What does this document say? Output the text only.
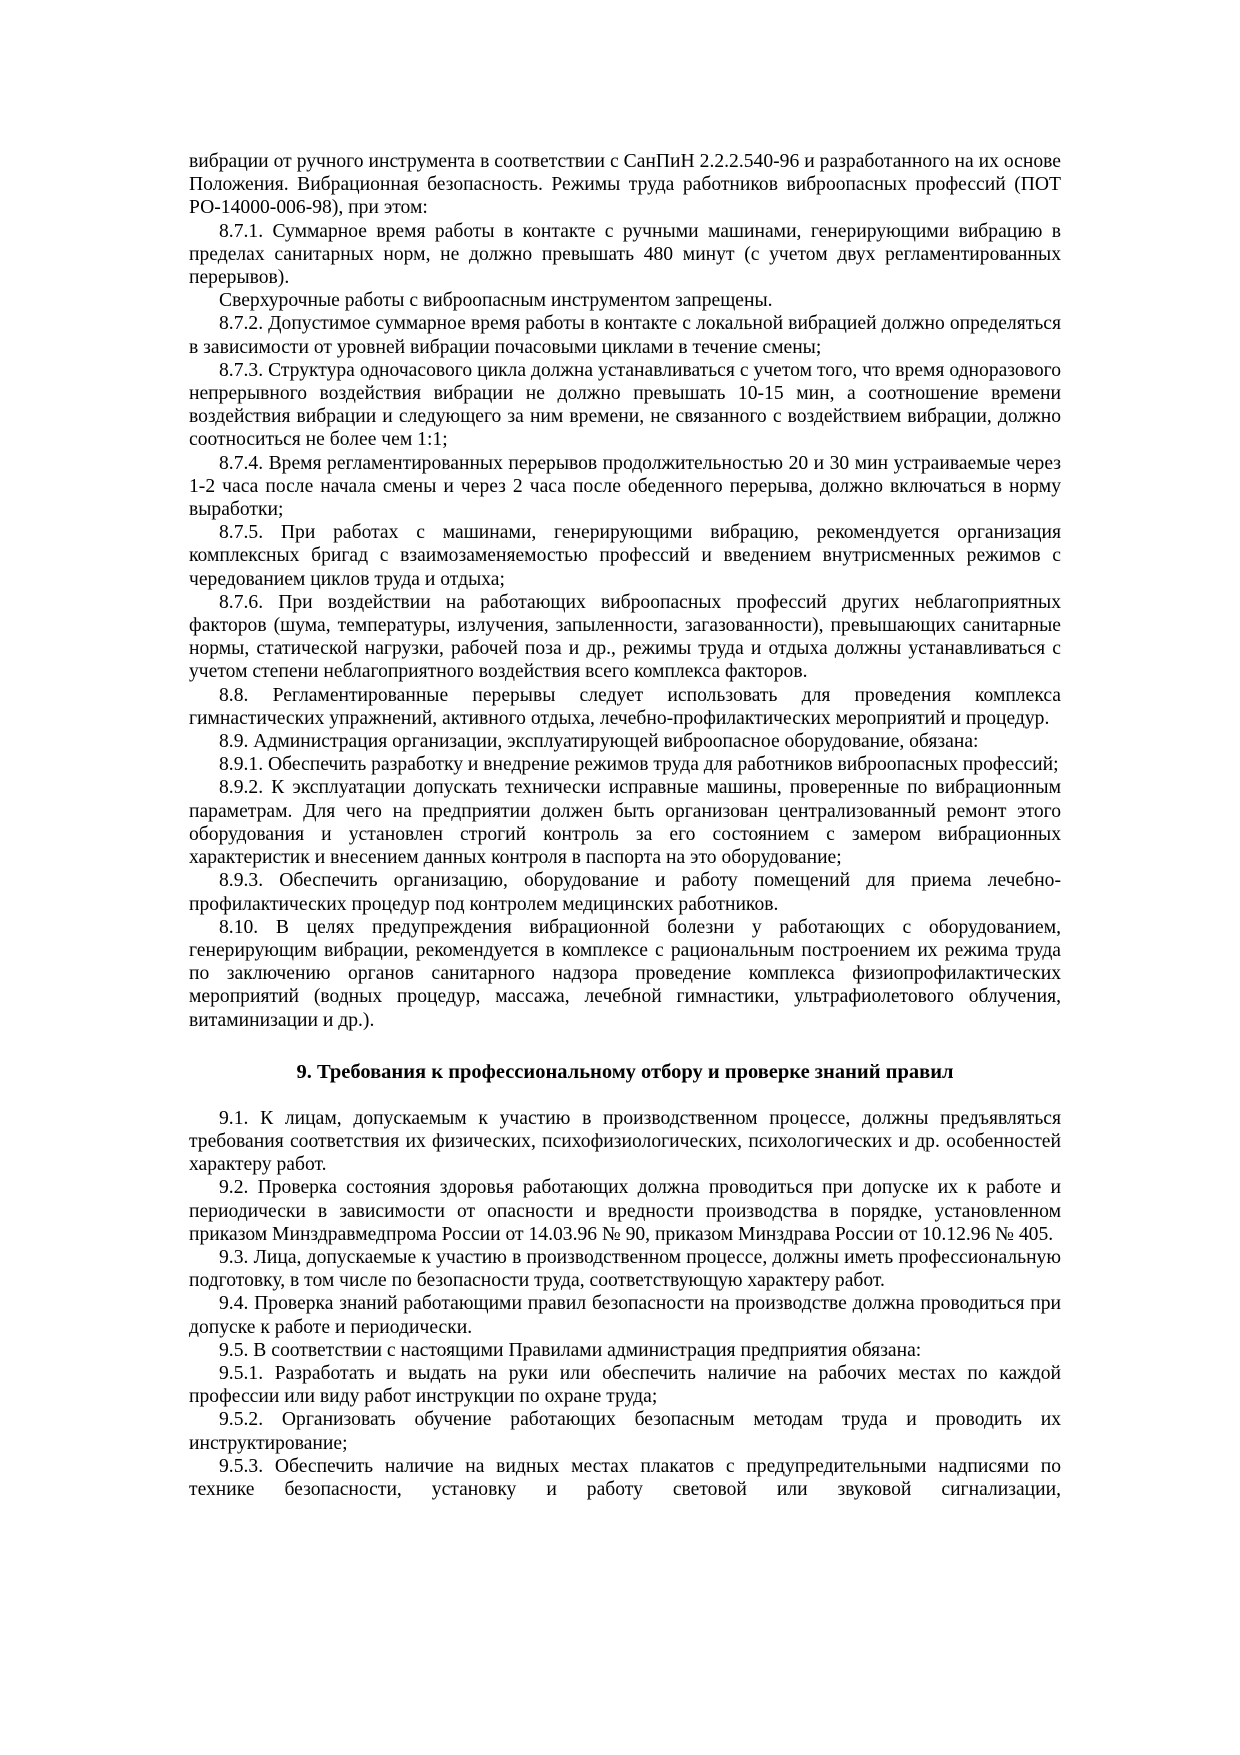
вибрации от ручного инструмента в соответствии с СанПиН 2.2.2.540-96 и разработанного на их основе Положения. Вибрационная безопасность. Режимы труда работников виброопасных профессий (ПОТ РО-14000-006-98), при этом:

8.7.1. Суммарное время работы в контакте с ручными машинами, генерирующими вибрацию в пределах санитарных норм, не должно превышать 480 минут (с учетом двух регламентированных перерывов).

Сверхурочные работы с виброопасным инструментом запрещены.

8.7.2. Допустимое суммарное время работы в контакте с локальной вибрацией должно определяться в зависимости от уровней вибрации почасовыми циклами в течение смены;

8.7.3. Структура одночасового цикла должна устанавливаться с учетом того, что время одноразового непрерывного воздействия вибрации не должно превышать 10-15 мин, а соотношение времени воздействия вибрации и следующего за ним времени, не связанного с воздействием вибрации, должно соотноситься не более чем 1:1;

8.7.4. Время регламентированных перерывов продолжительностью 20 и 30 мин устраиваемые через 1-2 часа после начала смены и через 2 часа после обеденного перерыва, должно включаться в норму выработки;

8.7.5. При работах с машинами, генерирующими вибрацию, рекомендуется организация комплексных бригад с взаимозаменяемостью профессий и введением внутрисменных режимов с чередованием циклов труда и отдыха;

8.7.6. При воздействии на работающих виброопасных профессий других неблагоприятных факторов (шума, температуры, излучения, запыленности, загазованности), превышающих санитарные нормы, статической нагрузки, рабочей поза и др., режимы труда и отдыха должны устанавливаться с учетом степени неблагоприятного воздействия всего комплекса факторов.

8.8. Регламентированные перерывы следует использовать для проведения комплекса гимнастических упражнений, активного отдыха, лечебно-профилактических мероприятий и процедур.

8.9. Администрация организации, эксплуатирующей виброопасное оборудование, обязана:

8.9.1. Обеспечить разработку и внедрение режимов труда для работников виброопасных профессий;

8.9.2. К эксплуатации допускать технически исправные машины, проверенные по вибрационным параметрам. Для чего на предприятии должен быть организован централизованный ремонт этого оборудования и установлен строгий контроль за его состоянием с замером вибрационных характеристик и внесением данных контроля в паспорта на это оборудование;

8.9.3. Обеспечить организацию, оборудование и работу помещений для приема лечебно-профилактических процедур под контролем медицинских работников.

8.10. В целях предупреждения вибрационной болезни у работающих с оборудованием, генерирующим вибрации, рекомендуется в комплексе с рациональным построением их режима труда по заключению органов санитарного надзора проведение комплекса физиопрофилактических мероприятий (водных процедур, массажа, лечебной гимнастики, ультрафиолетового облучения, витаминизации и др.).

9. Требования к профессиональному отбору и проверке знаний правил

9.1. К лицам, допускаемым к участию в производственном процессе, должны предъявляться требования соответствия их физических, психофизиологических, психологических и др. особенностей характеру работ.

9.2. Проверка состояния здоровья работающих должна проводиться при допуске их к работе и периодически в зависимости от опасности и вредности производства в порядке, установленном приказом Минздравмедпрома России от 14.03.96 № 90, приказом Минздрава России от 10.12.96 № 405.

9.3. Лица, допускаемые к участию в производственном процессе, должны иметь профессиональную подготовку, в том числе по безопасности труда, соответствующую характеру работ.

9.4. Проверка знаний работающими правил безопасности на производстве должна проводиться при допуске к работе и периодически.

9.5. В соответствии с настоящими Правилами администрация предприятия обязана:

9.5.1. Разработать и выдать на руки или обеспечить наличие на рабочих местах по каждой профессии или виду работ инструкции по охране труда;

9.5.2. Организовать обучение работающих безопасным методам труда и проводить их инструктирование;

9.5.3. Обеспечить наличие на видных местах плакатов с предупредительными надписями по технике безопасности, установку и работу световой или звуковой сигнализации,
